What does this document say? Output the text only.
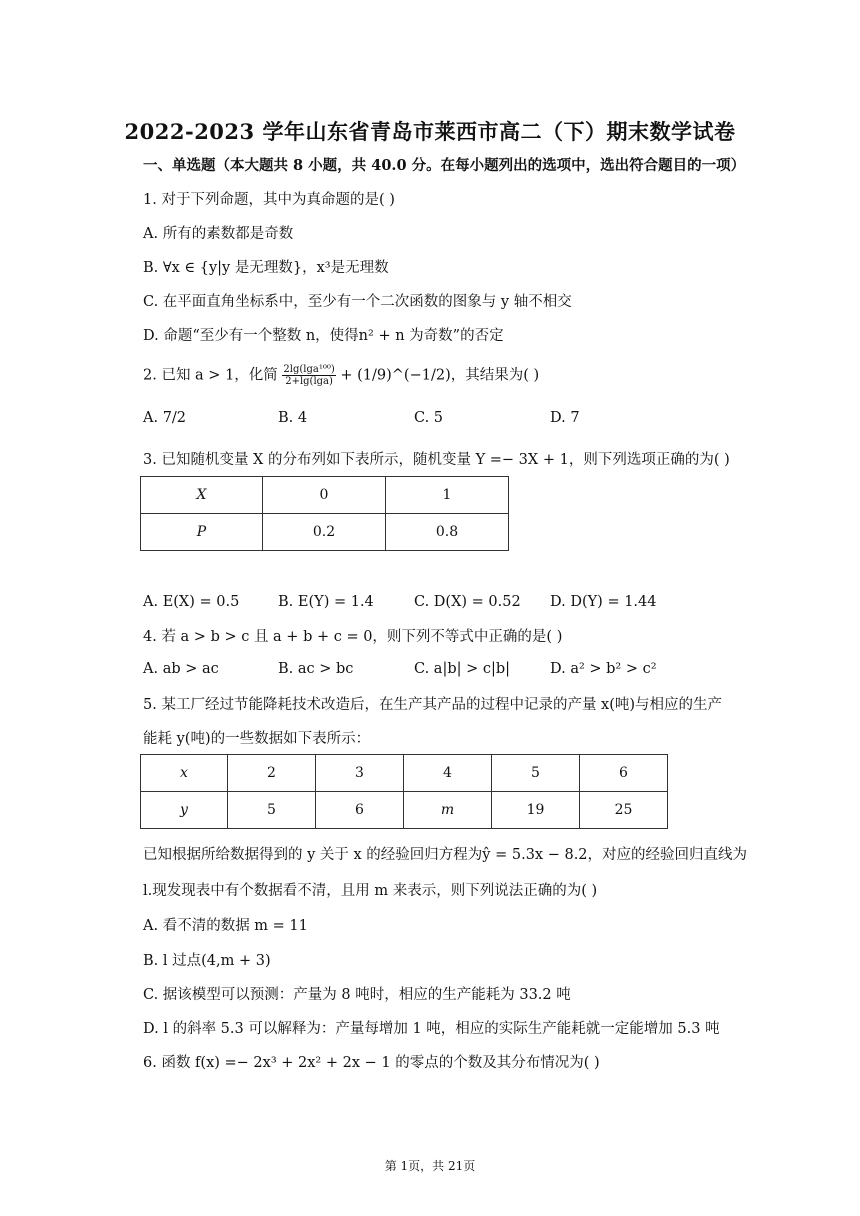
2022-2023 学年山东省青岛市莱西市高二（下）期末数学试卷
一、单选题（本大题共 8 小题，共 40.0 分。在每小题列出的选项中，选出符合题目的一项）
1. 对于下列命题，其中为真命题的是( )
A. 所有的素数都是奇数
B. ∀x ∈ {y|y 是无理数}，x³是无理数
C. 在平面直角坐标系中，至少有一个二次函数的图象与 y 轴不相交
D. 命题“至少有一个整数 n，使得n² + n 为奇数”的否定
2. 已知 a > 1，化简 $\frac{\text{2lg(lga¹⁰⁰)}}{2+\lg(\lg a)}$ + (1/9)^(−1/2)，其结果为( )
A. 7/2	B. 4	C. 5	D. 7
3. 已知随机变量 X 的分布列如下表所示，随机变量 Y =− 3X + 1，则下列选项正确的为( )
X	0	1
P	0.2	0.8
A. E(X) = 0.5	B. E(Y) = 1.4	C. D(X) = 0.52 D. D(Y) = 1.44
4. 若 a > b > c 且 a + b + c = 0，则下列不等式中正确的是( )
A. ab > ac	B. ac > bc	C. a|b| > c|b|	D. a² > b² > c²
5. 某工厂经过节能降耗技术改造后，在生产其产品的过程中记录的产量 x(吨)与相应的生产
能耗 y(吨)的一些数据如下表所示：
x	2	3	4	5	6
y	5	6	m	19	25
已知根据所给数据得到的 y 关于 x 的经验回归方程为ŷ = 5.3x − 8.2，对应的经验回归直线为
l.现发现表中有个数据看不清，且用 m 来表示，则下列说法正确的为( )
A. 看不清的数据 m = 11
B. l 过点(4,m + 3)
C. 据该模型可以预测：产量为 8 吨时，相应的生产能耗为 33.2 吨
D. l 的斜率 5.3 可以解释为：产量每增加 1 吨，相应的实际生产能耗就一定能增加 5.3 吨
6. 函数 f(x) =− 2x³ + 2x² + 2x − 1 的零点的个数及其分布情况为( )
第 1页，共 21页
